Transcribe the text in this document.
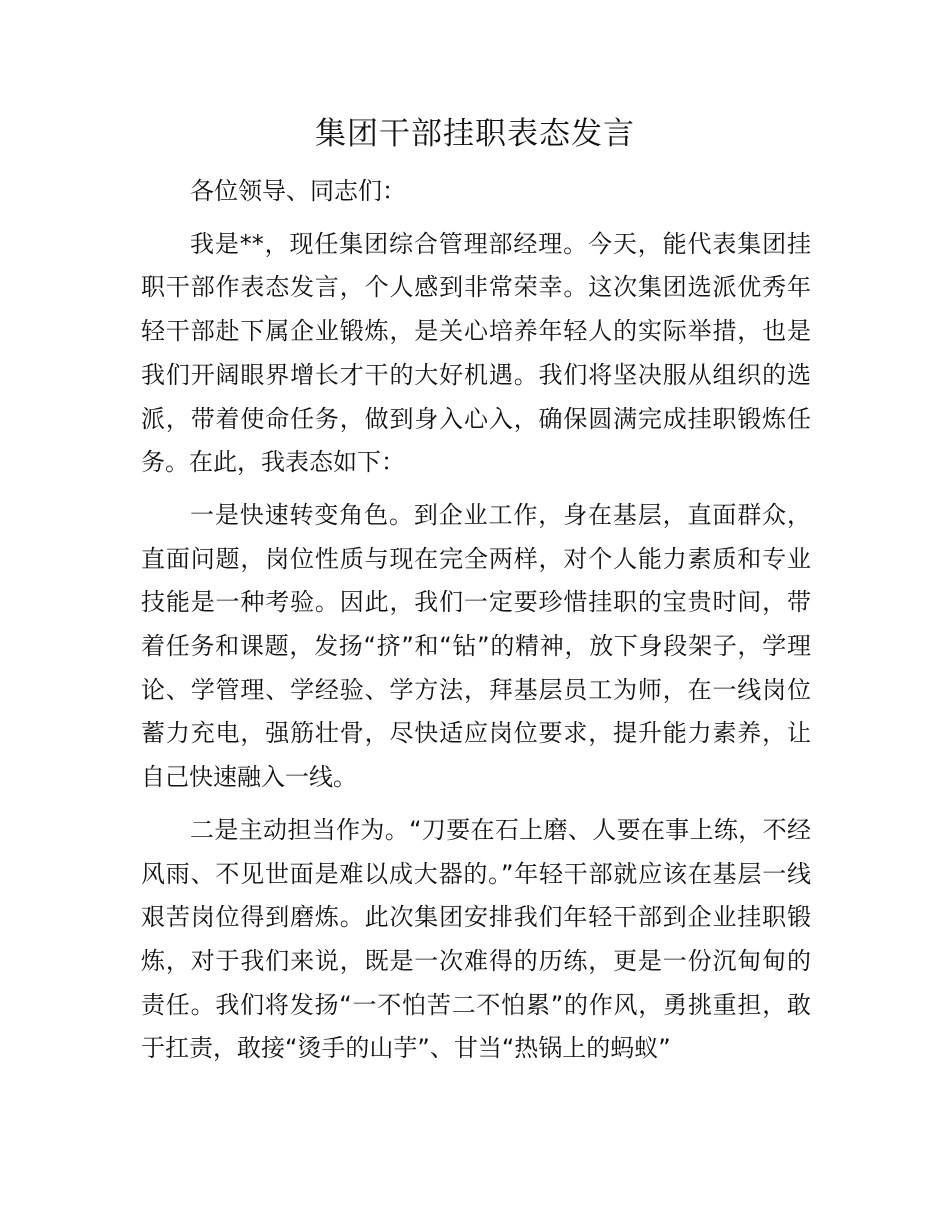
集团干部挂职表态发言

各位领导、同志们：

我是**，现任集团综合管理部经理。今天，能代表集团挂职干部作表态发言，个人感到非常荣幸。这次集团选派优秀年轻干部赴下属企业锻炼，是关心培养年轻人的实际举措，也是我们开阔眼界增长才干的大好机遇。我们将坚决服从组织的选派，带着使命任务，做到身入心入，确保圆满完成挂职锻炼任务。在此，我表态如下：

一是快速转变角色。到企业工作，身在基层，直面群众，直面问题，岗位性质与现在完全两样，对个人能力素质和专业技能是一种考验。因此，我们一定要珍惜挂职的宝贵时间，带着任务和课题，发扬“挤”和“钻”的精神，放下身段架子，学理论、学管理、学经验、学方法，拜基层员工为师，在一线岗位蓄力充电，强筋壮骨，尽快适应岗位要求，提升能力素养，让自己快速融入一线。

二是主动担当作为。“刀要在石上磨、人要在事上练，不经风雨、不见世面是难以成大器的。”年轻干部就应该在基层一线艰苦岗位得到磨炼。此次集团安排我们年轻干部到企业挂职锻炼，对于我们来说，既是一次难得的历练，更是一份沉甸甸的责任。我们将发扬“一不怕苦二不怕累”的作风，勇挑重担，敢于扛责，敢接“烫手的山芋”、甘当“热锅上的蚂蚁”
